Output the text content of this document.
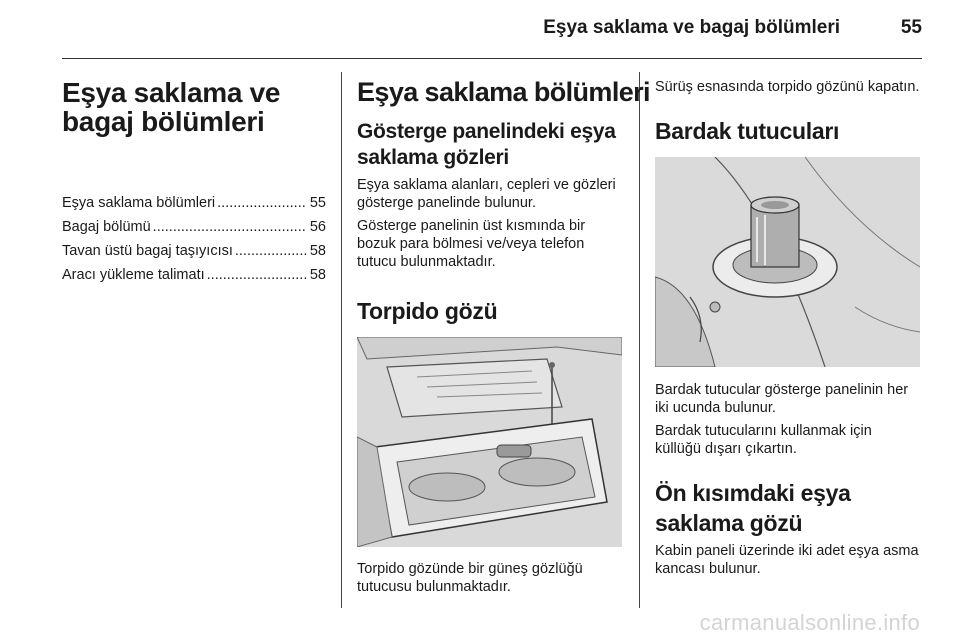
Eşya saklama ve bagaj bölümleri	55
Eşya saklama ve bagaj bölümleri
Eşya saklama bölümleri .....	55
Bagaj bölümü .....	56
Tavan üstü bagaj taşıyıcısı .....	58
Aracı yükleme talimatı .....	58
Eşya saklama bölümleri
Gösterge panelindeki eşya saklama gözleri

Eşya saklama alanları, cepleri ve gözleri gösterge panelinde bulunur.

Gösterge panelinin üst kısmında bir bozuk para bölmesi ve/veya telefon tutucu bulunmaktadır.

Torpido gözü

Torpido gözünde bir güneş gözlüğü tutucusu bulunmaktadır.

Sürüş esnasında torpido gözünü kapatın.

Bardak tutucuları

Bardak tutucular gösterge panelinin her iki ucunda bulunur.

Bardak tutucularını kullanmak için küllüğü dışarı çıkartın.

Ön kısımdaki eşya saklama gözü

Kabin paneli üzerinde iki adet eşya asma kancası bulunur.

carmanualsonline.info
